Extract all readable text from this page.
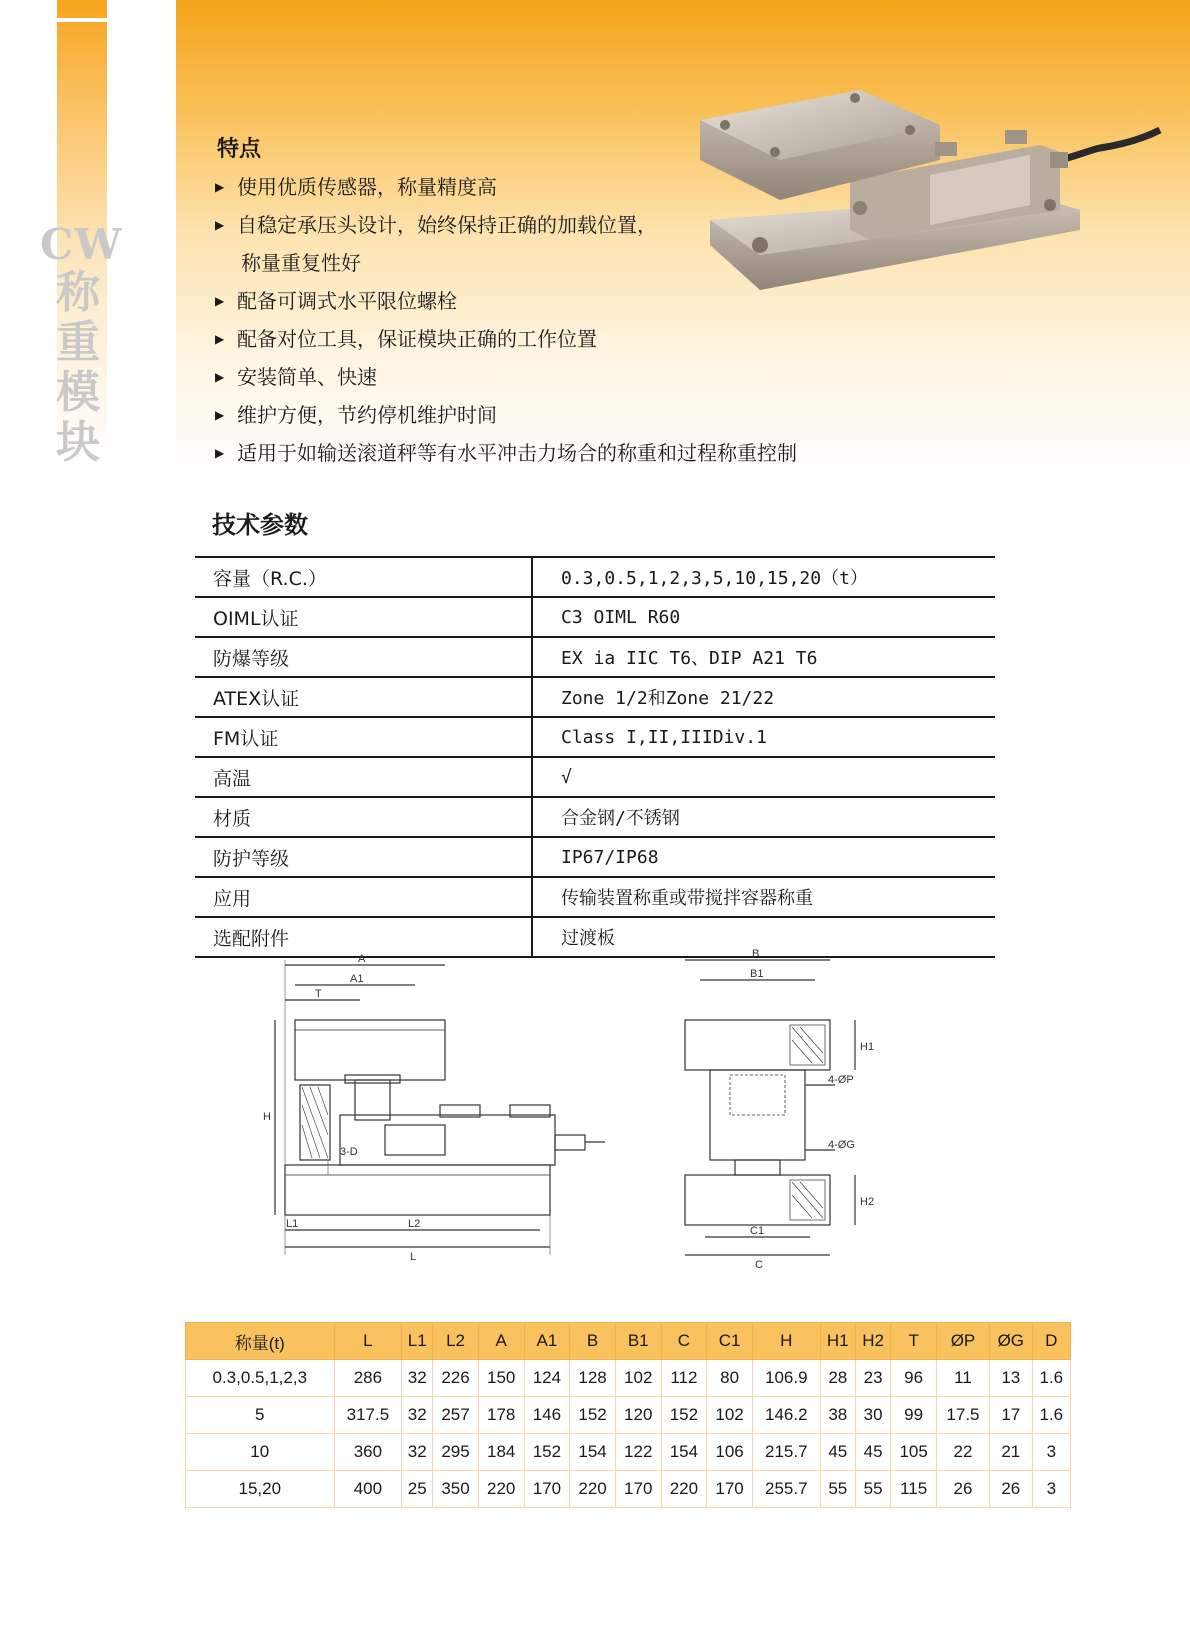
CW
称
重
模
块
特点
▶ 使用优质传感器，称量精度高
▶ 自稳定承压头设计，始终保持正确的加载位置，
称量重复性好
▶ 配备可调式水平限位螺栓
▶ 配备对位工具，保证模块正确的工作位置
▶ 安装简单、快速
▶ 维护方便，节约停机维护时间
▶ 适用于如输送滚道秤等有水平冲击力场合的称重和过程称重控制
技术参数
容量（R.C.）	0.3,0.5,1,2,3,5,10,15,20（t）
OIML认证	C3 OIML R60
防爆等级	EX ia IIC T6、DIP A21 T6
ATEX认证	Zone 1/2和Zone 21/22
FM认证	Class I,II,IIIDiv.1
高温	√
材质	合金钢/不锈钢
防护等级	IP67/IP68
应用	传输装置称重或带搅拌容器称重
选配附件	过渡板
A
A1
T
H
3-D
L1	L2
L
B
B1
H1
4-ØP
4-ØG
H2
C1
C
称量(t)	L	L1	L2	A	A1	B	B1	C	C1	H	H1	H2	T	ØP	ØG	D
0.3,0.5,1,2,3	286	32	226	150	124	128	102	112	80	106.9	28	23	96	11	13	1.6
5	317.5	32	257	178	146	152	120	152	102	146.2	38	30	99	17.5	17	1.6
10	360	32	295	184	152	154	122	154	106	215.7	45	45	105	22	21	3
15,20	400	25	350	220	170	220	170	220	170	255.7	55	55	115	26	26	3
